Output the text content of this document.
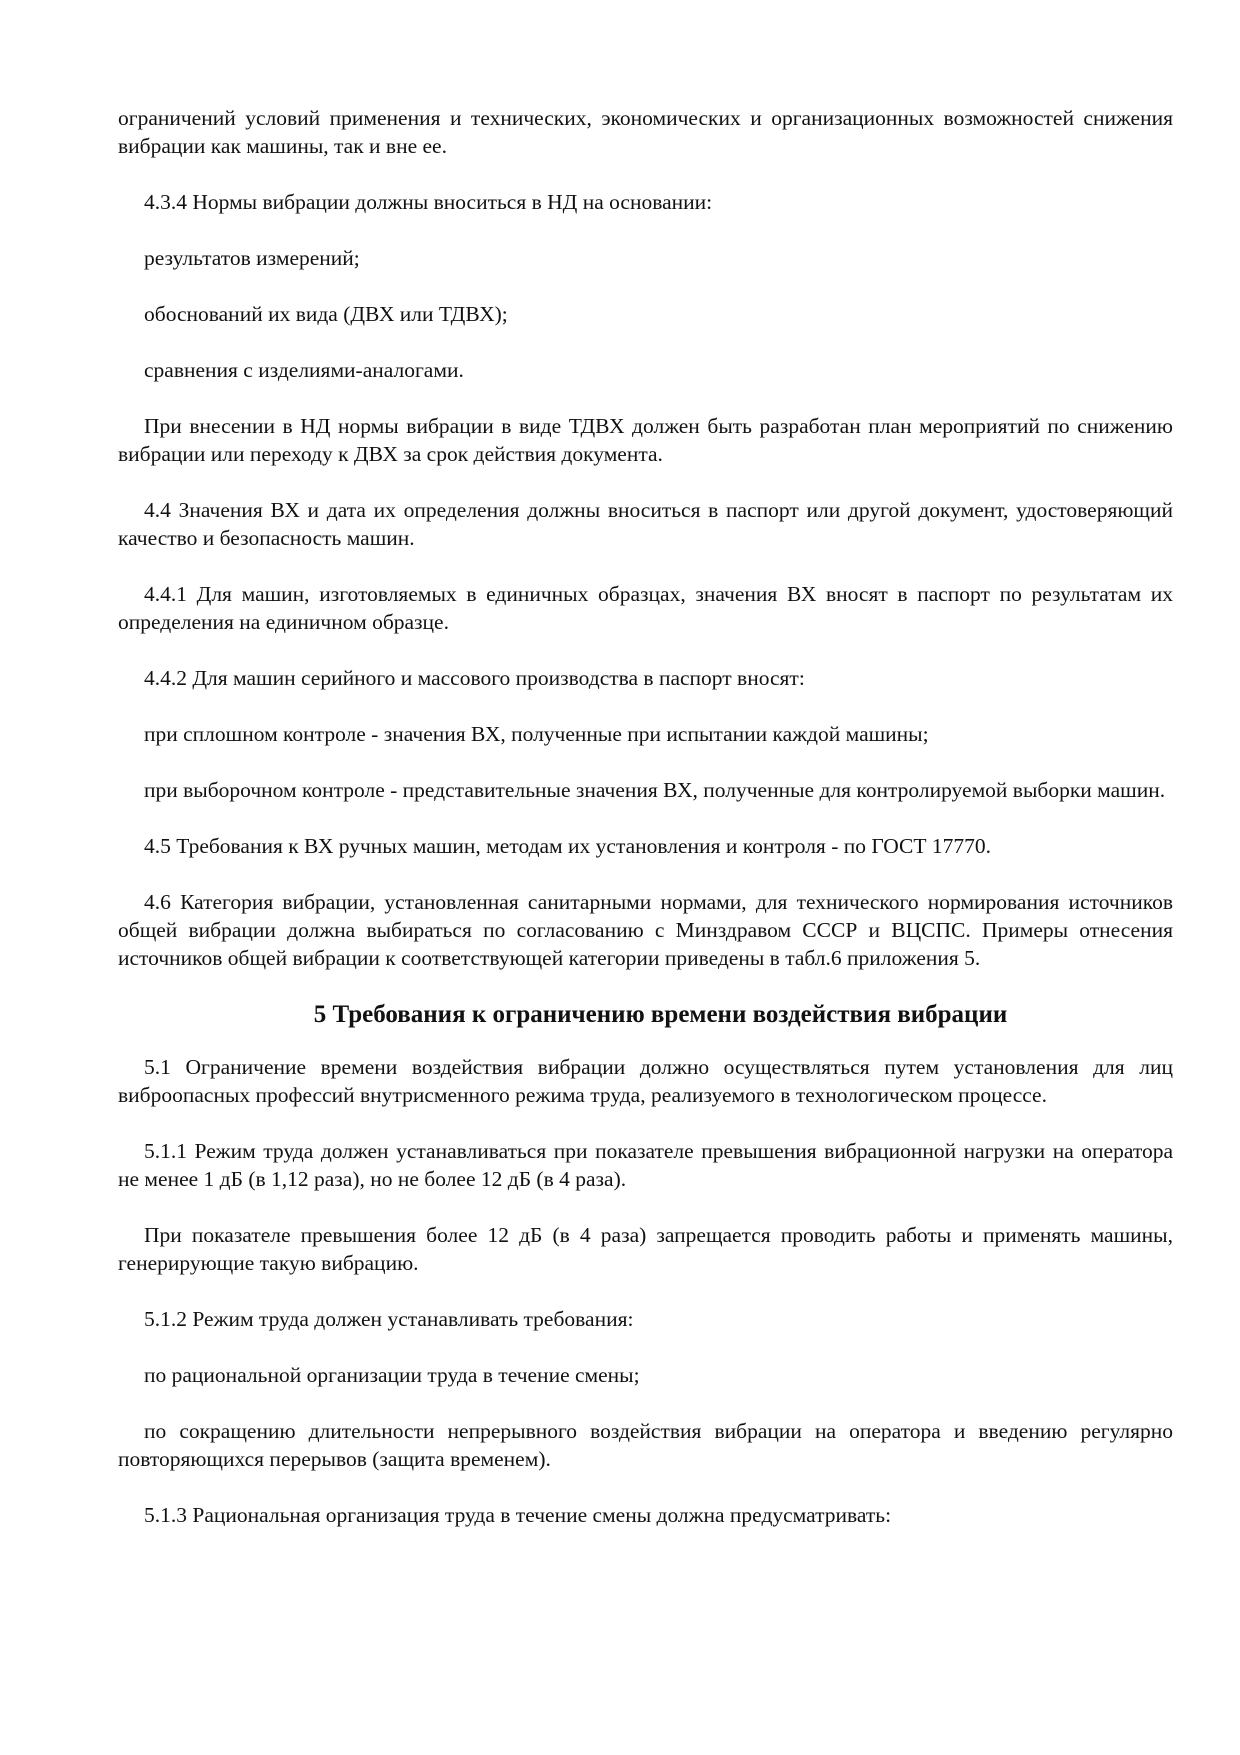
ограничений условий применения и технических, экономических и организационных возможностей снижения вибрации как машины, так и вне ее.

4.3.4 Нормы вибрации должны вноситься в НД на основании:

результатов измерений;

обоснований их вида (ДВХ или ТДВХ);

сравнения с изделиями-аналогами.

При внесении в НД нормы вибрации в виде ТДВХ должен быть разработан план мероприятий по снижению вибрации или переходу к ДВХ за срок действия документа.

4.4 Значения ВХ и дата их определения должны вноситься в паспорт или другой документ, удостоверяющий качество и безопасность машин.

4.4.1 Для машин, изготовляемых в единичных образцах, значения ВХ вносят в паспорт по результатам их определения на единичном образце.

4.4.2 Для машин серийного и массового производства в паспорт вносят:

при сплошном контроле - значения ВХ, полученные при испытании каждой машины;

при выборочном контроле - представительные значения ВХ, полученные для контролируемой выборки машин.

4.5 Требования к ВХ ручных машин, методам их установления и контроля - по ГОСТ 17770.

4.6 Категория вибрации, установленная санитарными нормами, для технического нормирования источников общей вибрации должна выбираться по согласованию с Минздравом СССР и ВЦСПС. Примеры отнесения источников общей вибрации к соответствующей категории приведены в табл.6 приложения 5.

5 Требования к ограничению времени воздействия вибрации

5.1 Ограничение времени воздействия вибрации должно осуществляться путем установления для лиц виброопасных профессий внутрисменного режима труда, реализуемого в технологическом процессе.

5.1.1 Режим труда должен устанавливаться при показателе превышения вибрационной нагрузки на оператора не менее 1 дБ (в 1,12 раза), но не более 12 дБ (в 4 раза).

При показателе превышения более 12 дБ (в 4 раза) запрещается проводить работы и применять машины, генерирующие такую вибрацию.

5.1.2 Режим труда должен устанавливать требования:

по рациональной организации труда в течение смены;

по сокращению длительности непрерывного воздействия вибрации на оператора и введению регулярно повторяющихся перерывов (защита временем).

5.1.3 Рациональная организация труда в течение смены должна предусматривать:
